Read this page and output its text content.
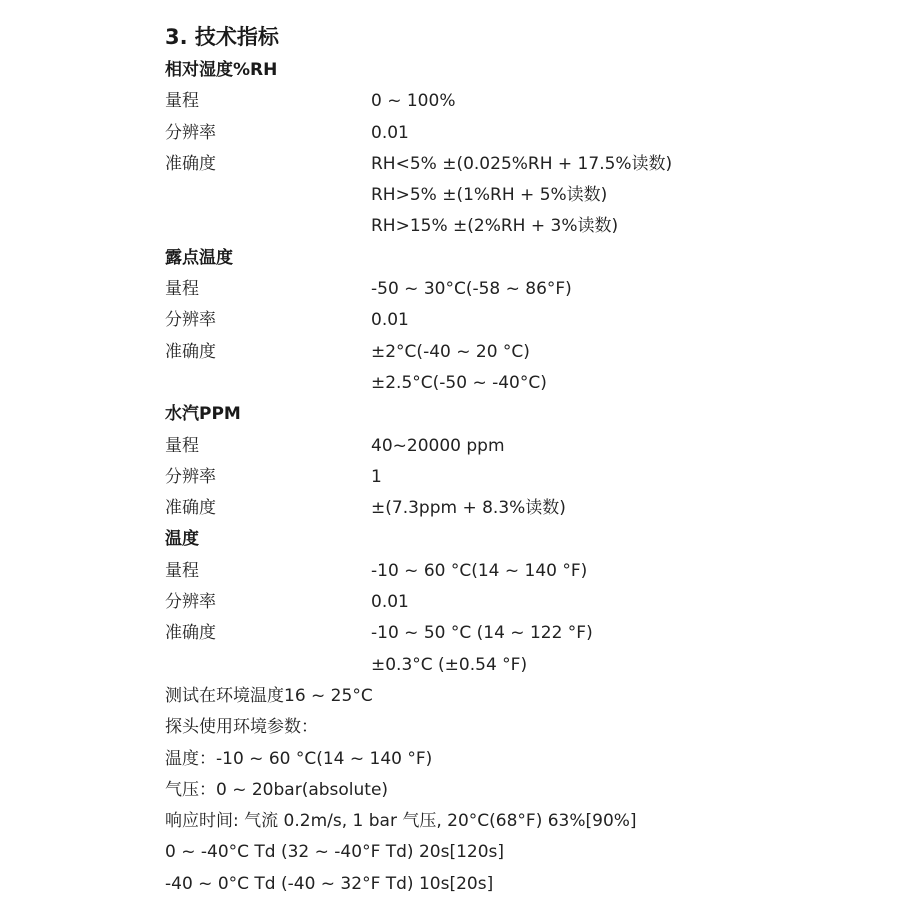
3. 技术指标
相对湿度%RH
量程	0 ~ 100%
分辨率	0.01
准确度	RH<5% ±(0.025%RH + 17.5%读数)
RH>5% ±(1%RH + 5%读数)
RH>15% ±(2%RH + 3%读数)
露点温度
量程	-50 ~ 30°C(-58 ~ 86°F)
分辨率	0.01
准确度	±2°C(-40 ~ 20 °C)
±2.5°C(-50 ~ -40°C)
水汽PPM
量程	40~20000 ppm
分辨率	1
准确度	±(7.3ppm + 8.3%读数)
温度
量程	-10 ~ 60 °C(14 ~ 140 °F)
分辨率	0.01
准确度	-10 ~ 50 °C (14 ~ 122 °F)
±0.3°C (±0.54 °F)
测试在环境温度16 ~ 25°C
探头使用环境参数：
温度：-10 ~ 60 °C(14 ~ 140 °F)
气压：0 ~ 20bar(absolute)
响应时间: 气流 0.2m/s, 1 bar 气压, 20°C(68°F) 63%[90%]
0 ~ -40°C Td (32 ~ -40°F Td) 20s[120s]
-40 ~ 0°C Td (-40 ~ 32°F Td) 10s[20s]
